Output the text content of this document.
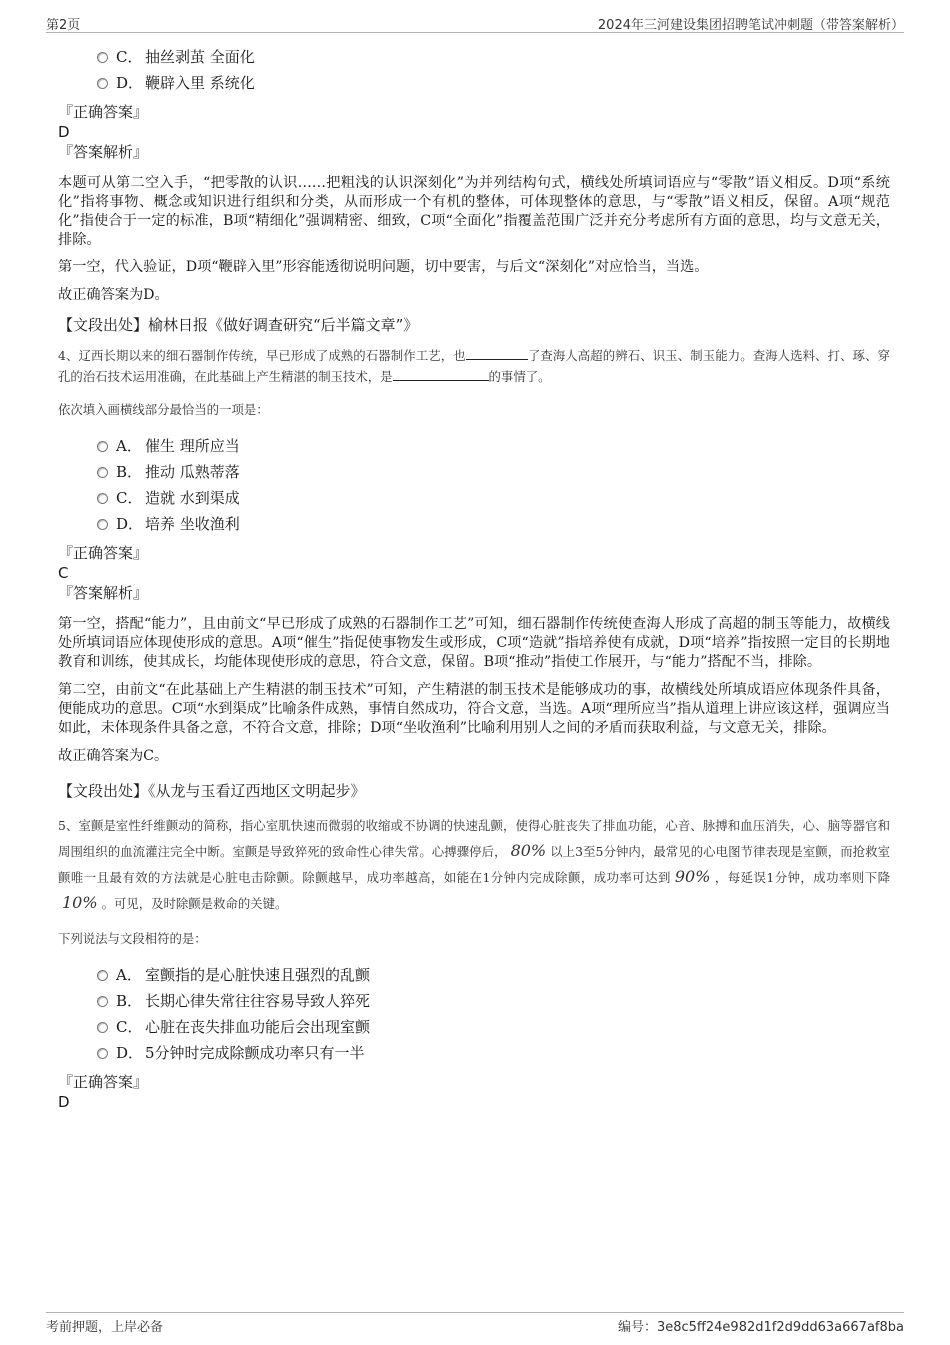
第2页	2024年三河建设集团招聘笔试冲刺题（带答案解析）
C． 抽丝剥茧 全面化
D． 鞭辟入里 系统化

『正确答案』

D

『答案解析』

本题可从第二空入手，“把零散的认识……把粗浅的认识深刻化”为并列结构句式，横线处所填词语应与“零散”语义相反。D项“系统化”指将事物、概念或知识进行组织和分类，从而形成一个有机的整体，可体现整体的意思，与“零散”语义相反，保留。A项“规范化”指使合于一定的标准，B项“精细化”强调精密、细致，C项“全面化”指覆盖范围广泛并充分考虑所有方面的意思，均与文意无关，排除。

第一空，代入验证，D项“鞭辟入里”形容能透彻说明问题，切中要害，与后文“深刻化”对应恰当，当选。

故正确答案为D。

【文段出处】榆林日报《做好调查研究“后半篇文章”》

4、辽西长期以来的细石器制作传统，早已形成了成熟的石器制作工艺，也	了查海人高超的辨石、识玉、制玉能力。查海人选料、打、琢、穿孔的治石技术运用准确，在此基础上产生精湛的制玉技术，是	的事情了。

依次填入画横线部分最恰当的一项是：

A． 催生 理所应当
B． 推动 瓜熟蒂落
C． 造就 水到渠成
D． 培养 坐收渔利

『正确答案』

C

『答案解析』

第一空，搭配“能力”，且由前文“早已形成了成熟的石器制作工艺”可知，细石器制作传统使查海人形成了高超的制玉等能力，故横线处所填词语应体现使形成的意思。A项“催生”指促使事物发生或形成，C项“造就”指培养使有成就，D项“培养”指按照一定目的长期地教育和训练，使其成长，均能体现使形成的意思，符合文意，保留。B项“推动”指使工作展开，与“能力”搭配不当，排除。

第二空，由前文“在此基础上产生精湛的制玉技术”可知，产生精湛的制玉技术是能够成功的事，故横线处所填成语应体现条件具备，便能成功的意思。C项“水到渠成”比喻条件成熟，事情自然成功，符合文意，当选。A项“理所应当”指从道理上讲应该这样，强调应当如此，未体现条件具备之意，不符合文意，排除；D项“坐收渔利”比喻利用别人之间的矛盾而获取利益，与文意无关，排除。

故正确答案为C。

【文段出处】《从龙与玉看辽西地区文明起步》

5、室颤是室性纤维颤动的简称，指心室肌快速而微弱的收缩或不协调的快速乱颤，使得心脏丧失了排血功能，心音、脉搏和血压消失，心、脑等器官和周围组织的血流灌注完全中断。室颤是导致猝死的致命性心律失常。心搏骤停后， 80% 以上3至5分钟内，最常见的心电图节律表现是室颤，而抢救室颤唯一且最有效的方法就是心脏电击除颤。除颤越早，成功率越高，如能在1分钟内完成除颤，成功率可达到 90% ，每延误1分钟，成功率则下降10% 。可见，及时除颤是救命的关键。

下列说法与文段相符的是：

A． 室颤指的是心脏快速且强烈的乱颤
B． 长期心律失常往往容易导致人猝死
C． 心脏在丧失排血功能后会出现室颤
D． 5分钟时完成除颤成功率只有一半

『正确答案』

D

考前押题，上岸必备	编号：3e8c5ff24e982d1f2d9dd63a667af8ba
